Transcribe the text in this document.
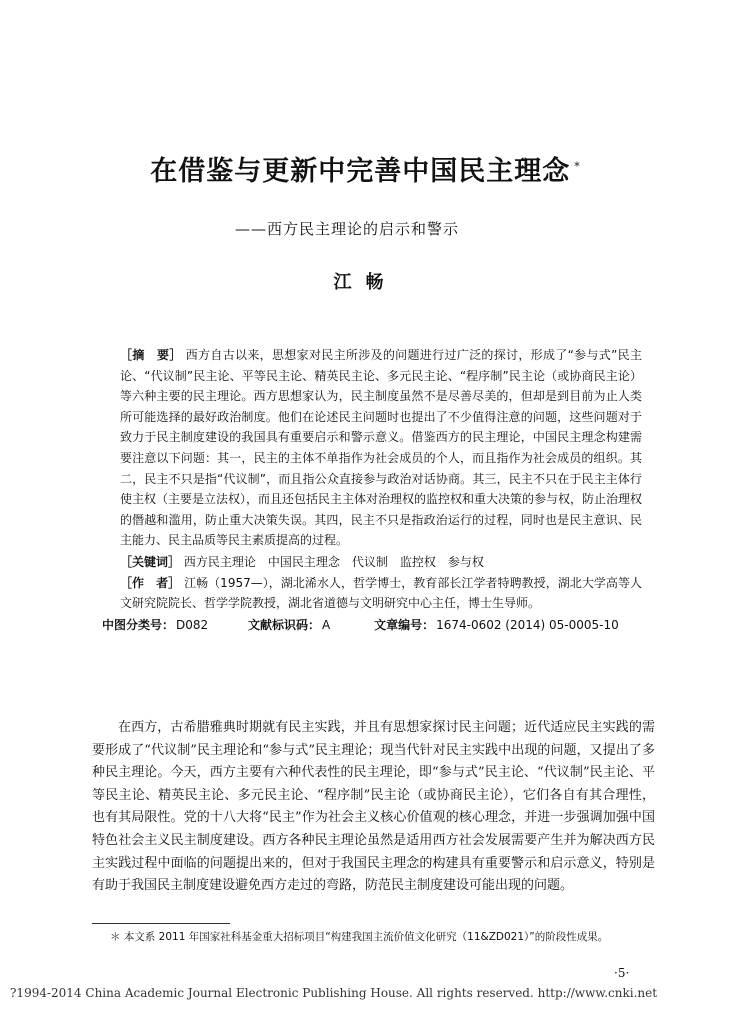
在借鉴与更新中完善中国民主理念 *
——西方民主理论的启示和警示
江畅

［摘　要］ 西方自古以来，思想家对民主所涉及的问题进行过广泛的探讨，形成了“参与式”民主论、“代议制”民主论、平等民主论、精英民主论、多元民主论、“程序制”民主论（或协商民主论）等六种主要的民主理论。西方思想家认为，民主制度虽然不是尽善尽美的，但却是到目前为止人类所可能选择的最好政治制度。他们在论述民主问题时也提出了不少值得注意的问题，这些问题对于致力于民主制度建设的我国具有重要启示和警示意义。借鉴西方的民主理论，中国民主理念构建需要注意以下问题：其一，民主的主体不单指作为社会成员的个人，而且指作为社会成员的组织。其二，民主不只是指“代议制”，而且指公众直接参与政治对话协商。其三，民主不只在于民主主体行使主权（主要是立法权），而且还包括民主主体对治理权的监控权和重大决策的参与权，防止治理权的僭越和滥用，防止重大决策失误。其四，民主不只是指政治运行的过程，同时也是民主意识、民主能力、民主品质等民主素质提高的过程。

［关键词］ 西方民主理论　中国民主理念　代议制　监控权　参与权

［作　者］ 江畅（1957—），湖北浠水人，哲学博士，教育部长江学者特聘教授，湖北大学高等人文研究院院长、哲学学院教授，湖北省道德与文明研究中心主任，博士生导师。

中图分类号： D082	文献标识码： A	文章编号： 1674-0602 (2014) 05-0005-10

在西方，古希腊雅典时期就有民主实践，并且有思想家探讨民主问题；近代适应民主实践的需要形成了“代议制”民主理论和“参与式”民主理论；现当代针对民主实践中出现的问题，又提出了多种民主理论。今天，西方主要有六种代表性的民主理论，即“参与式”民主论、“代议制”民主论、平等民主论、精英民主论、多元民主论、“程序制”民主论（或协商民主论），它们各自有其合理性，也有其局限性。党的十八大将“民主”作为社会主义核心价值观的核心理念，并进一步强调加强中国特色社会主义民主制度建设。西方各种民主理论虽然是适用西方社会发展需要产生并为解决西方民主实践过程中面临的问题提出来的，但对于我国民主理念的构建具有重要警示和启示意义，特别是有助于我国民主制度建设避免西方走过的弯路，防范民主制度建设可能出现的问题。

＊ 本文系 2011 年国家社科基金重大招标项目“构建我国主流价值文化研究（11&ZD021）”的阶段性成果。
·5·
?1994-2014 China Academic Journal Electronic Publishing House. All rights reserved. http://www.cnki.net
